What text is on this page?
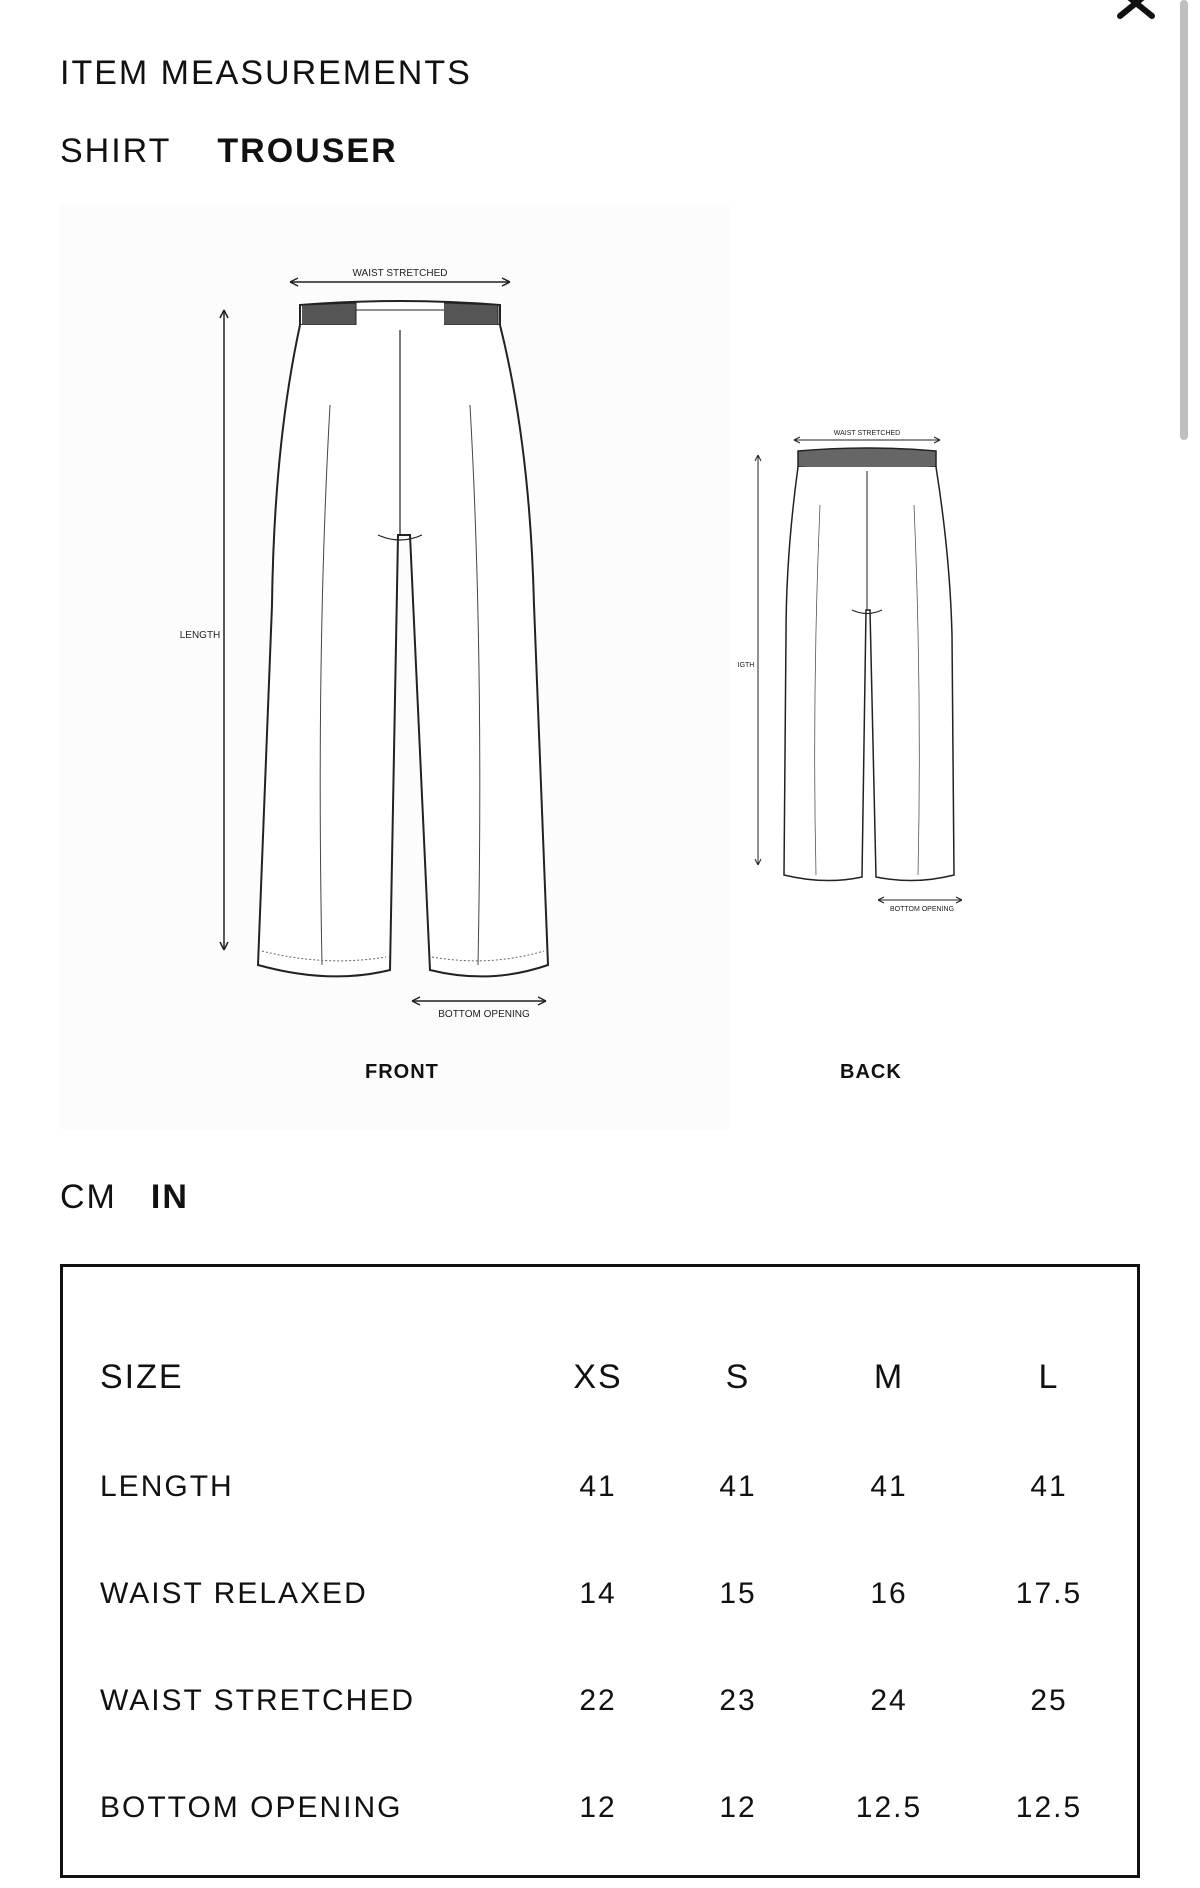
ITEM MEASUREMENTS
SHIRT TROUSER
WAIST STRETCHED
LENGTH
BOTTOM OPENING
FRONT
WAIST STRETCHED
IGTH
BOTTOM OPENING
BACK
CM IN
SIZE	XS	S	M	L
LENGTH	41	41	41	41
WAIST RELAXED	14	15	16	17.5
WAIST STRETCHED	22	23	24	25
BOTTOM OPENING	12	12	12.5	12.5
